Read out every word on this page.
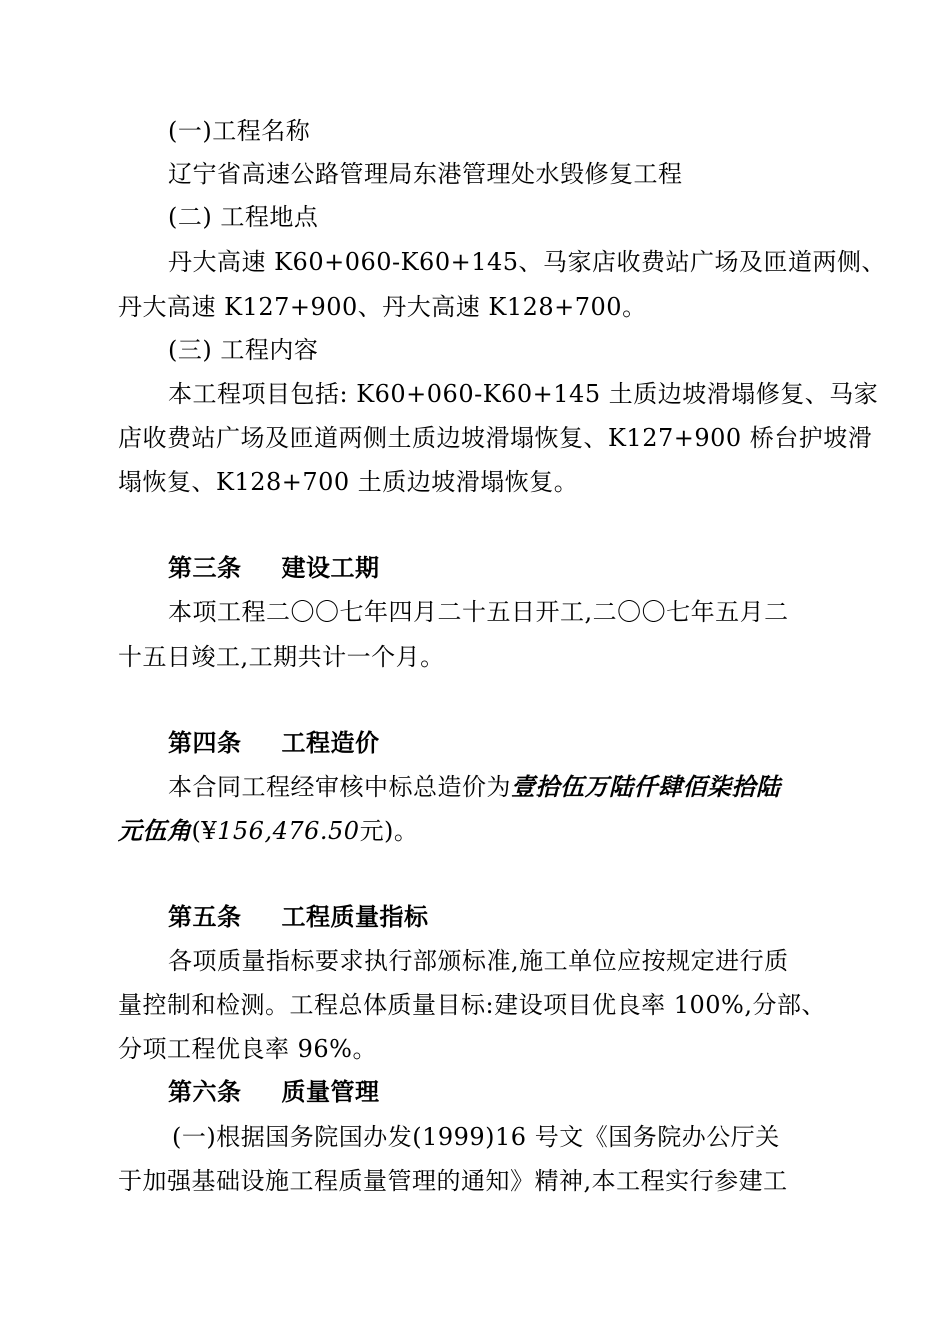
(一)工程名称

辽宁省高速公路管理局东港管理处水毁修复工程

(二) 工程地点

丹大高速 K60+060-K60+145、马家店收费站广场及匝道两侧、

丹大高速 K127+900、丹大高速 K128+700。

(三) 工程内容

本工程项目包括: K60+060-K60+145 土质边坡滑塌修复、马家

店收费站广场及匝道两侧土质边坡滑塌恢复、K127+900 桥台护坡滑

塌恢复、K128+700 土质边坡滑塌恢复。

第三条 建设工期

本项工程二〇〇七年四月二十五日开工,二〇〇七年五月二

十五日竣工,工期共计一个月。

第四条 工程造价

本合同工程经审核中标总造价为壹拾伍万陆仟肆佰柒拾陆

元伍角(¥156,476.50元)。

第五条 工程质量指标

各项质量指标要求执行部颁标准,施工单位应按规定进行质

量控制和检测。工程总体质量目标:建设项目优良率 100%,分部、

分项工程优良率 96%。

第六条 质量管理

(一)根据国务院国办发(1999)16 号文《国务院办公厅关

于加强基础设施工程质量管理的通知》精神,本工程实行参建工
